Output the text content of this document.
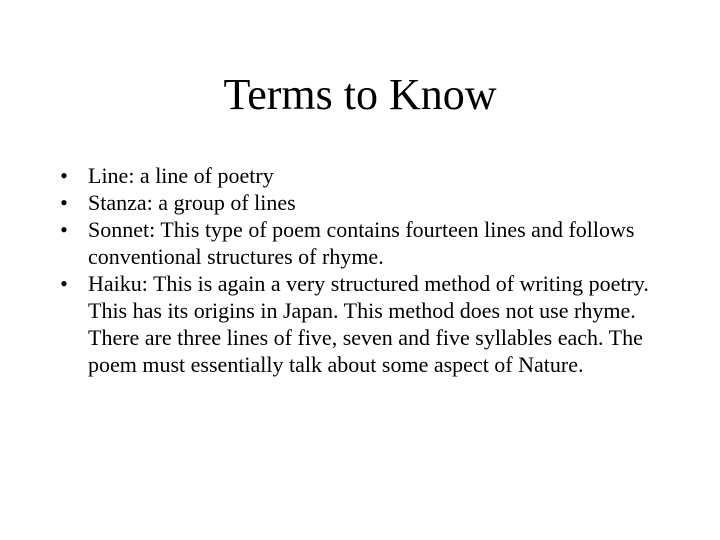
Terms to Know
• Line: a line of poetry
• Stanza: a group of lines
• Sonnet: This type of poem contains fourteen lines and follows conventional structures of rhyme.
• Haiku: This is again a very structured method of writing poetry. This has its origins in Japan. This method does not use rhyme. There are three lines of five, seven and five syllables each. The poem must essentially talk about some aspect of Nature.
